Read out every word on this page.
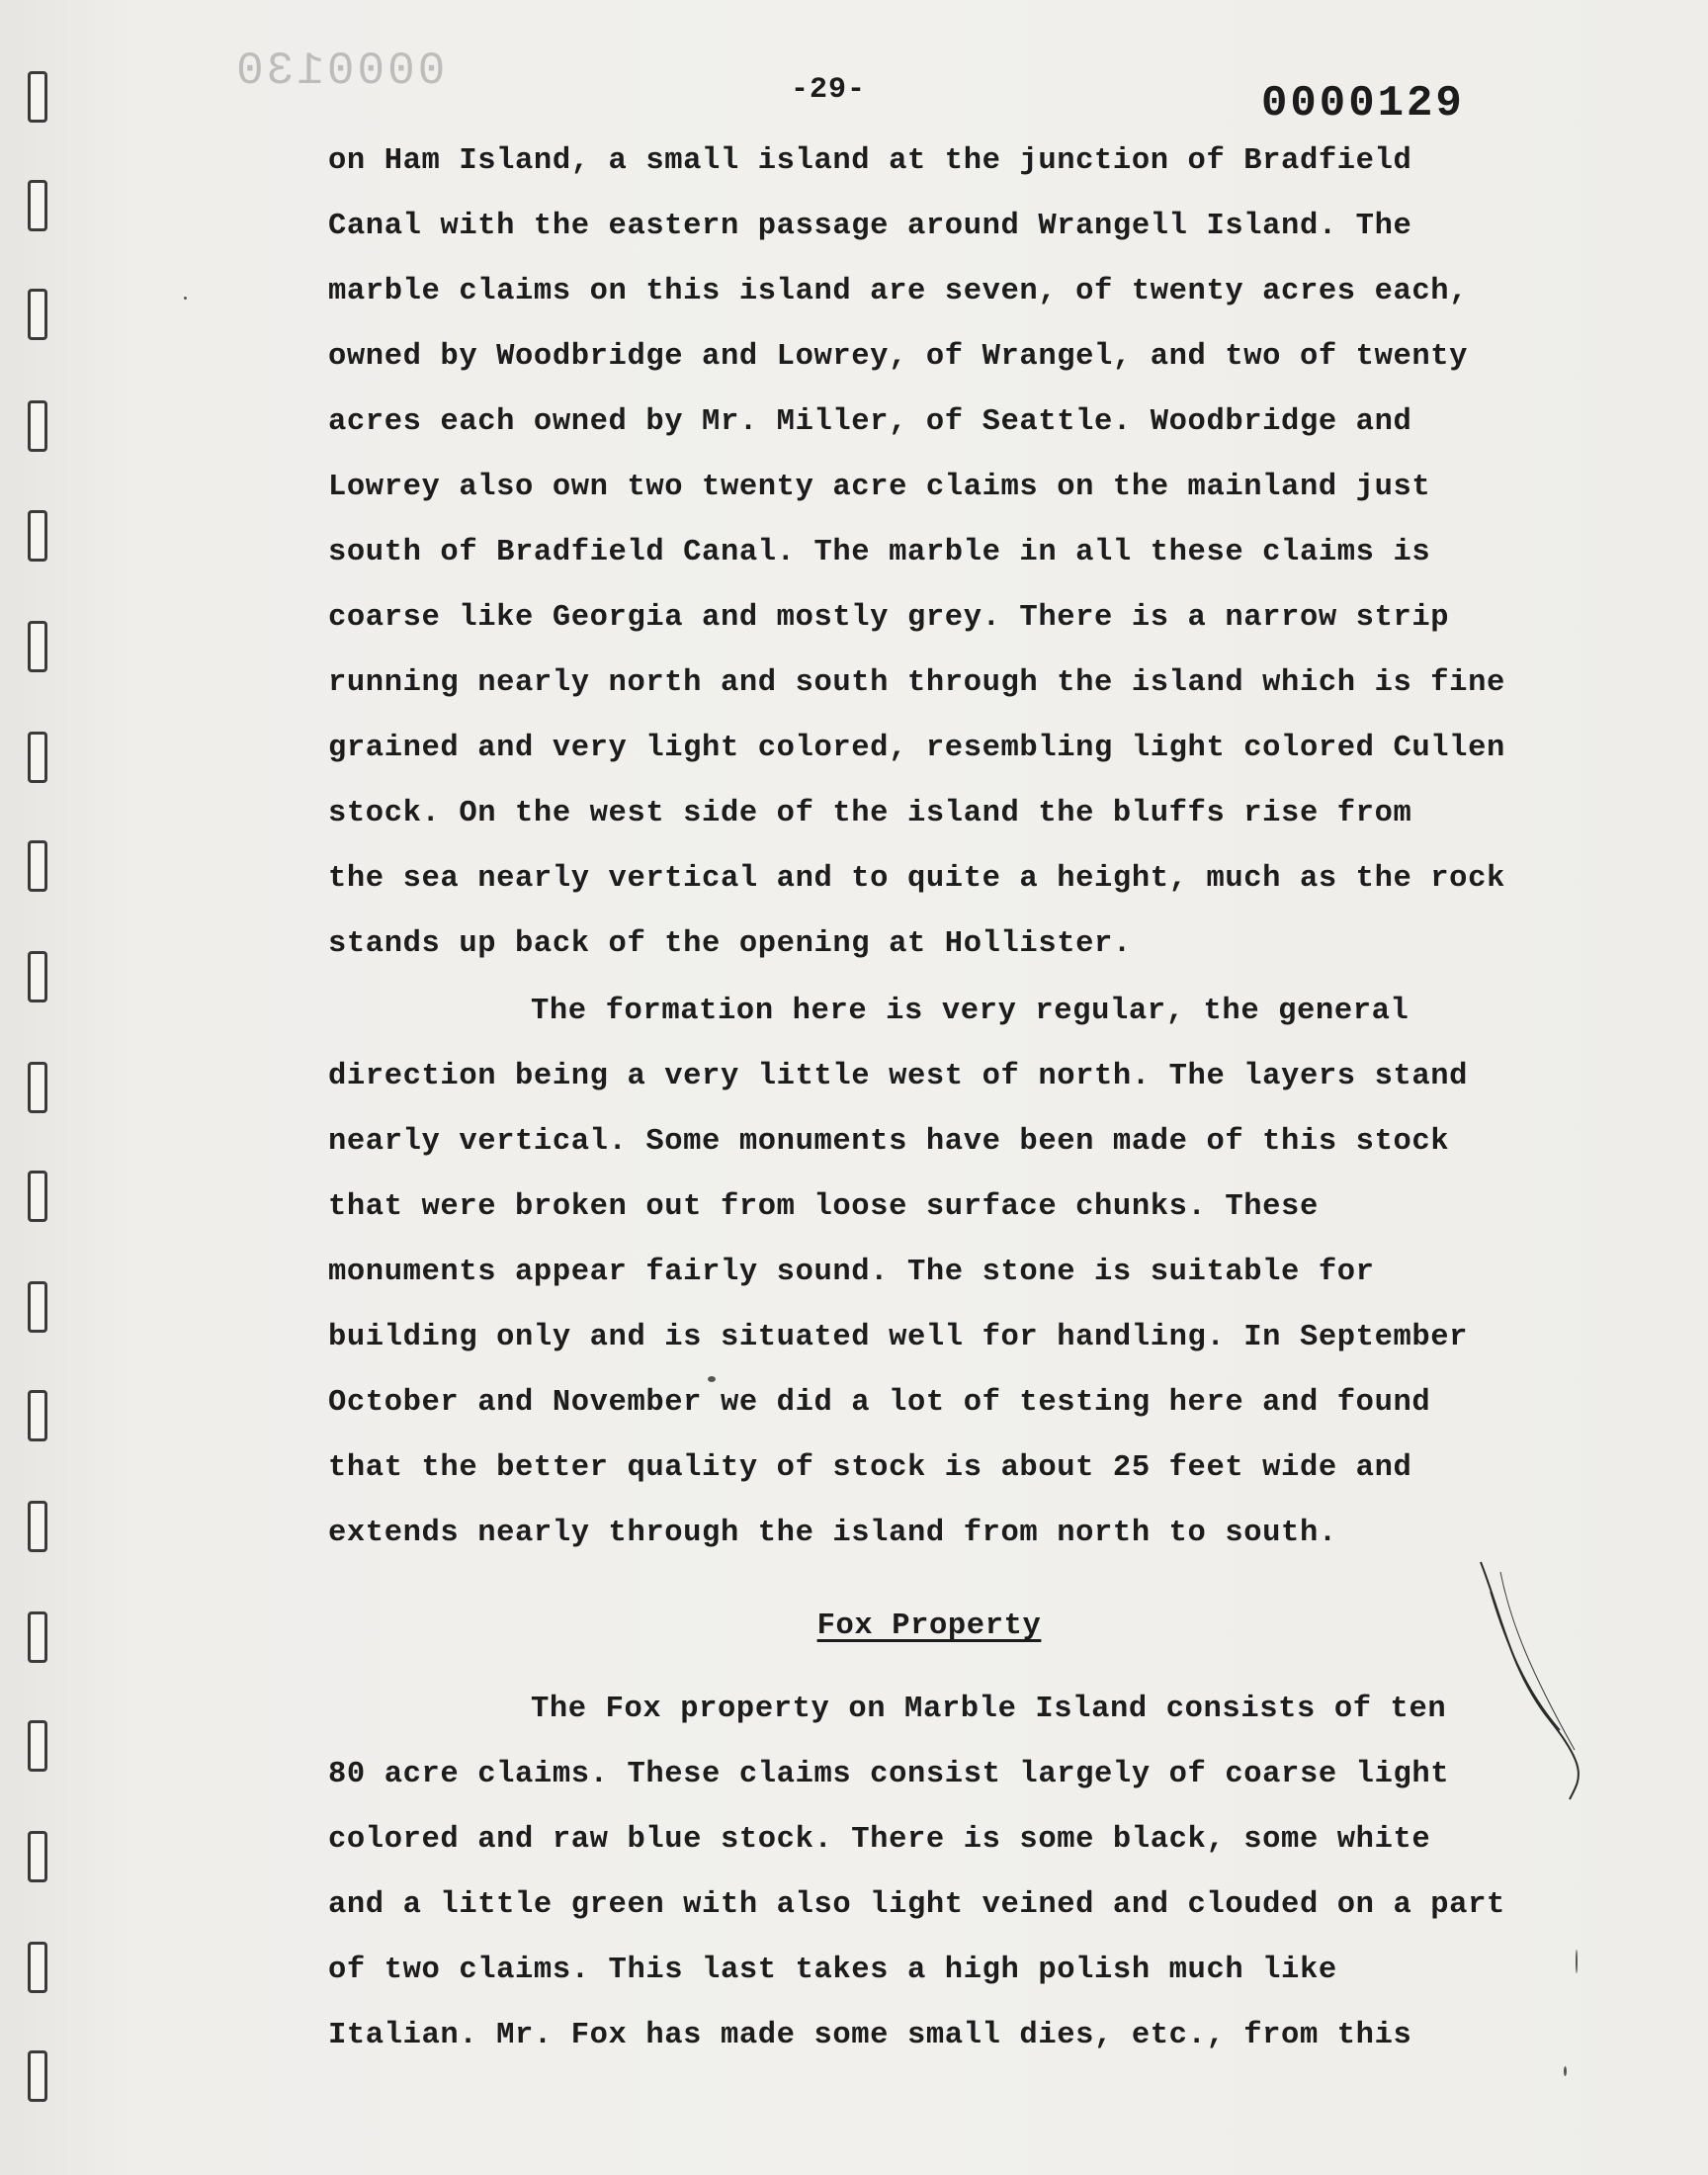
0000130	-29-	0000129
on Ham Island, a small island at the junction of Bradfield
Canal with the eastern passage around Wrangell Island. The
marble claims on this island are seven, of twenty acres each,
owned by Woodbridge and Lowrey, of Wrangel, and two of twenty
acres each owned by Mr. Miller, of Seattle. Woodbridge and
Lowrey also own two twenty acre claims on the mainland just
south of Bradfield Canal. The marble in all these claims is
coarse like Georgia and mostly grey. There is a narrow strip
running nearly north and south through the island which is fine
grained and very light colored, resembling light colored Cullen
stock. On the west side of the island the bluffs rise from
the sea nearly vertical and to quite a height, much as the rock
stands up back of the opening at Hollister.
The formation here is very regular, the general
direction being a very little west of north. The layers stand
nearly vertical. Some monuments have been made of this stock
that were broken out from loose surface chunks. These
monuments appear fairly sound. The stone is suitable for
building only and is situated well for handling. In September
October and November we did a lot of testing here and found
that the better quality of stock is about 25 feet wide and
extends nearly through the island from north to south.
Fox Property
The Fox property on Marble Island consists of ten
80 acre claims. These claims consist largely of coarse light
colored and raw blue stock. There is some black, some white
and a little green with also light veined and clouded on a part
of two claims. This last takes a high polish much like
Italian. Mr. Fox has made some small dies, etc., from this
